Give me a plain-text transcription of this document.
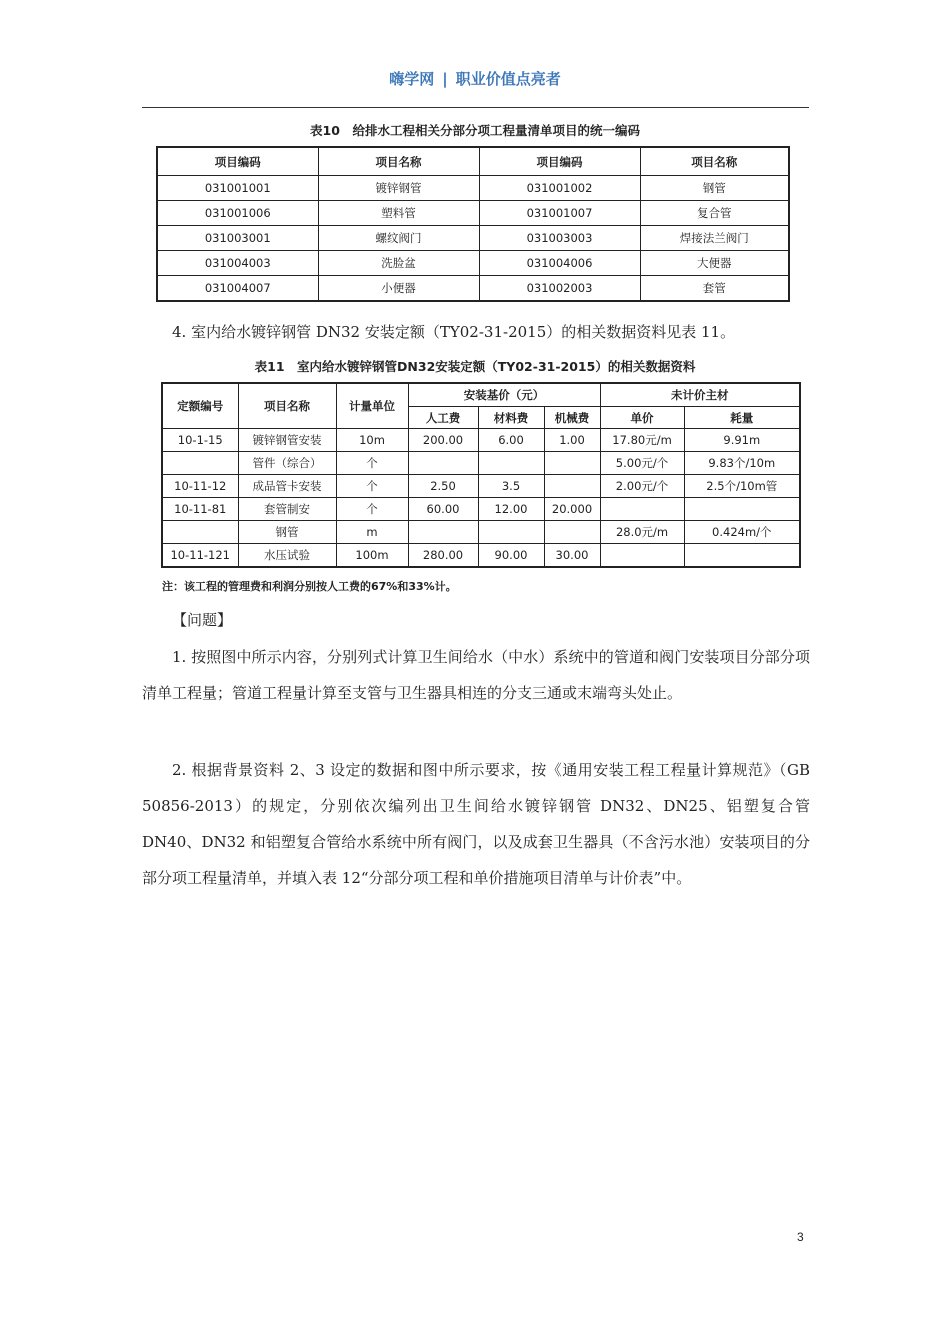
嗨学网 | 职业价值点亮者
表10　给排水工程相关分部分项工程量清单项目的统一编码
项目编码	项目名称	项目编码	项目名称
031001001	镀锌钢管	031001002	钢管
031001006	塑料管	031001007	复合管
031003001	螺纹阀门	031003003	焊接法兰阀门
031004003	洗脸盆	031004006	大便器
031004007	小便器	031002003	套管

4. 室内给水镀锌钢管 DN32 安装定额（TY02-31-2015）的相关数据资料见表 11。

表11　室内给水镀锌钢管DN32安装定额（TY02-31-2015）的相关数据资料
定额编号	项目名称	计量单位	安装基价（元）			未计价主材	
			人工费	材料费	机械费	单价	耗量
10-1-15	镀锌钢管安装	10m	200.00	6.00	1.00	17.80元/m	9.91m
	管件（综合）	个				5.00元/个	9.83个/10m
10-11-12	成品管卡安装	个	2.50	3.5		2.00元/个	2.5个/10m管
10-11-81	套管制安	个	60.00	12.00	20.000		
	钢管	m				28.0元/m	0.424m/个
10-11-121	水压试验	100m	280.00	90.00	30.00		
注：该工程的管理费和利润分别按人工费的67%和33%计。
【问题】

1. 按照图中所示内容，分别列式计算卫生间给水（中水）系统中的管道和阀门安装项目分部分项清单工程量；管道工程量计算至支管与卫生器具相连的分支三通或末端弯头处止。

2. 根据背景资料 2、3 设定的数据和图中所示要求，按《通用安装工程工程量计算规范》（GB 50856-2013）的规定，分别依次编列出卫生间给水镀锌钢管 DN32、DN25、铝塑复合管 DN40、DN32 和铝塑复合管给水系统中所有阀门，以及成套卫生器具（不含污水池）安装项目的分部分项工程量清单，并填入表 12“分部分项工程和单价措施项目清单与计价表”中。

3
